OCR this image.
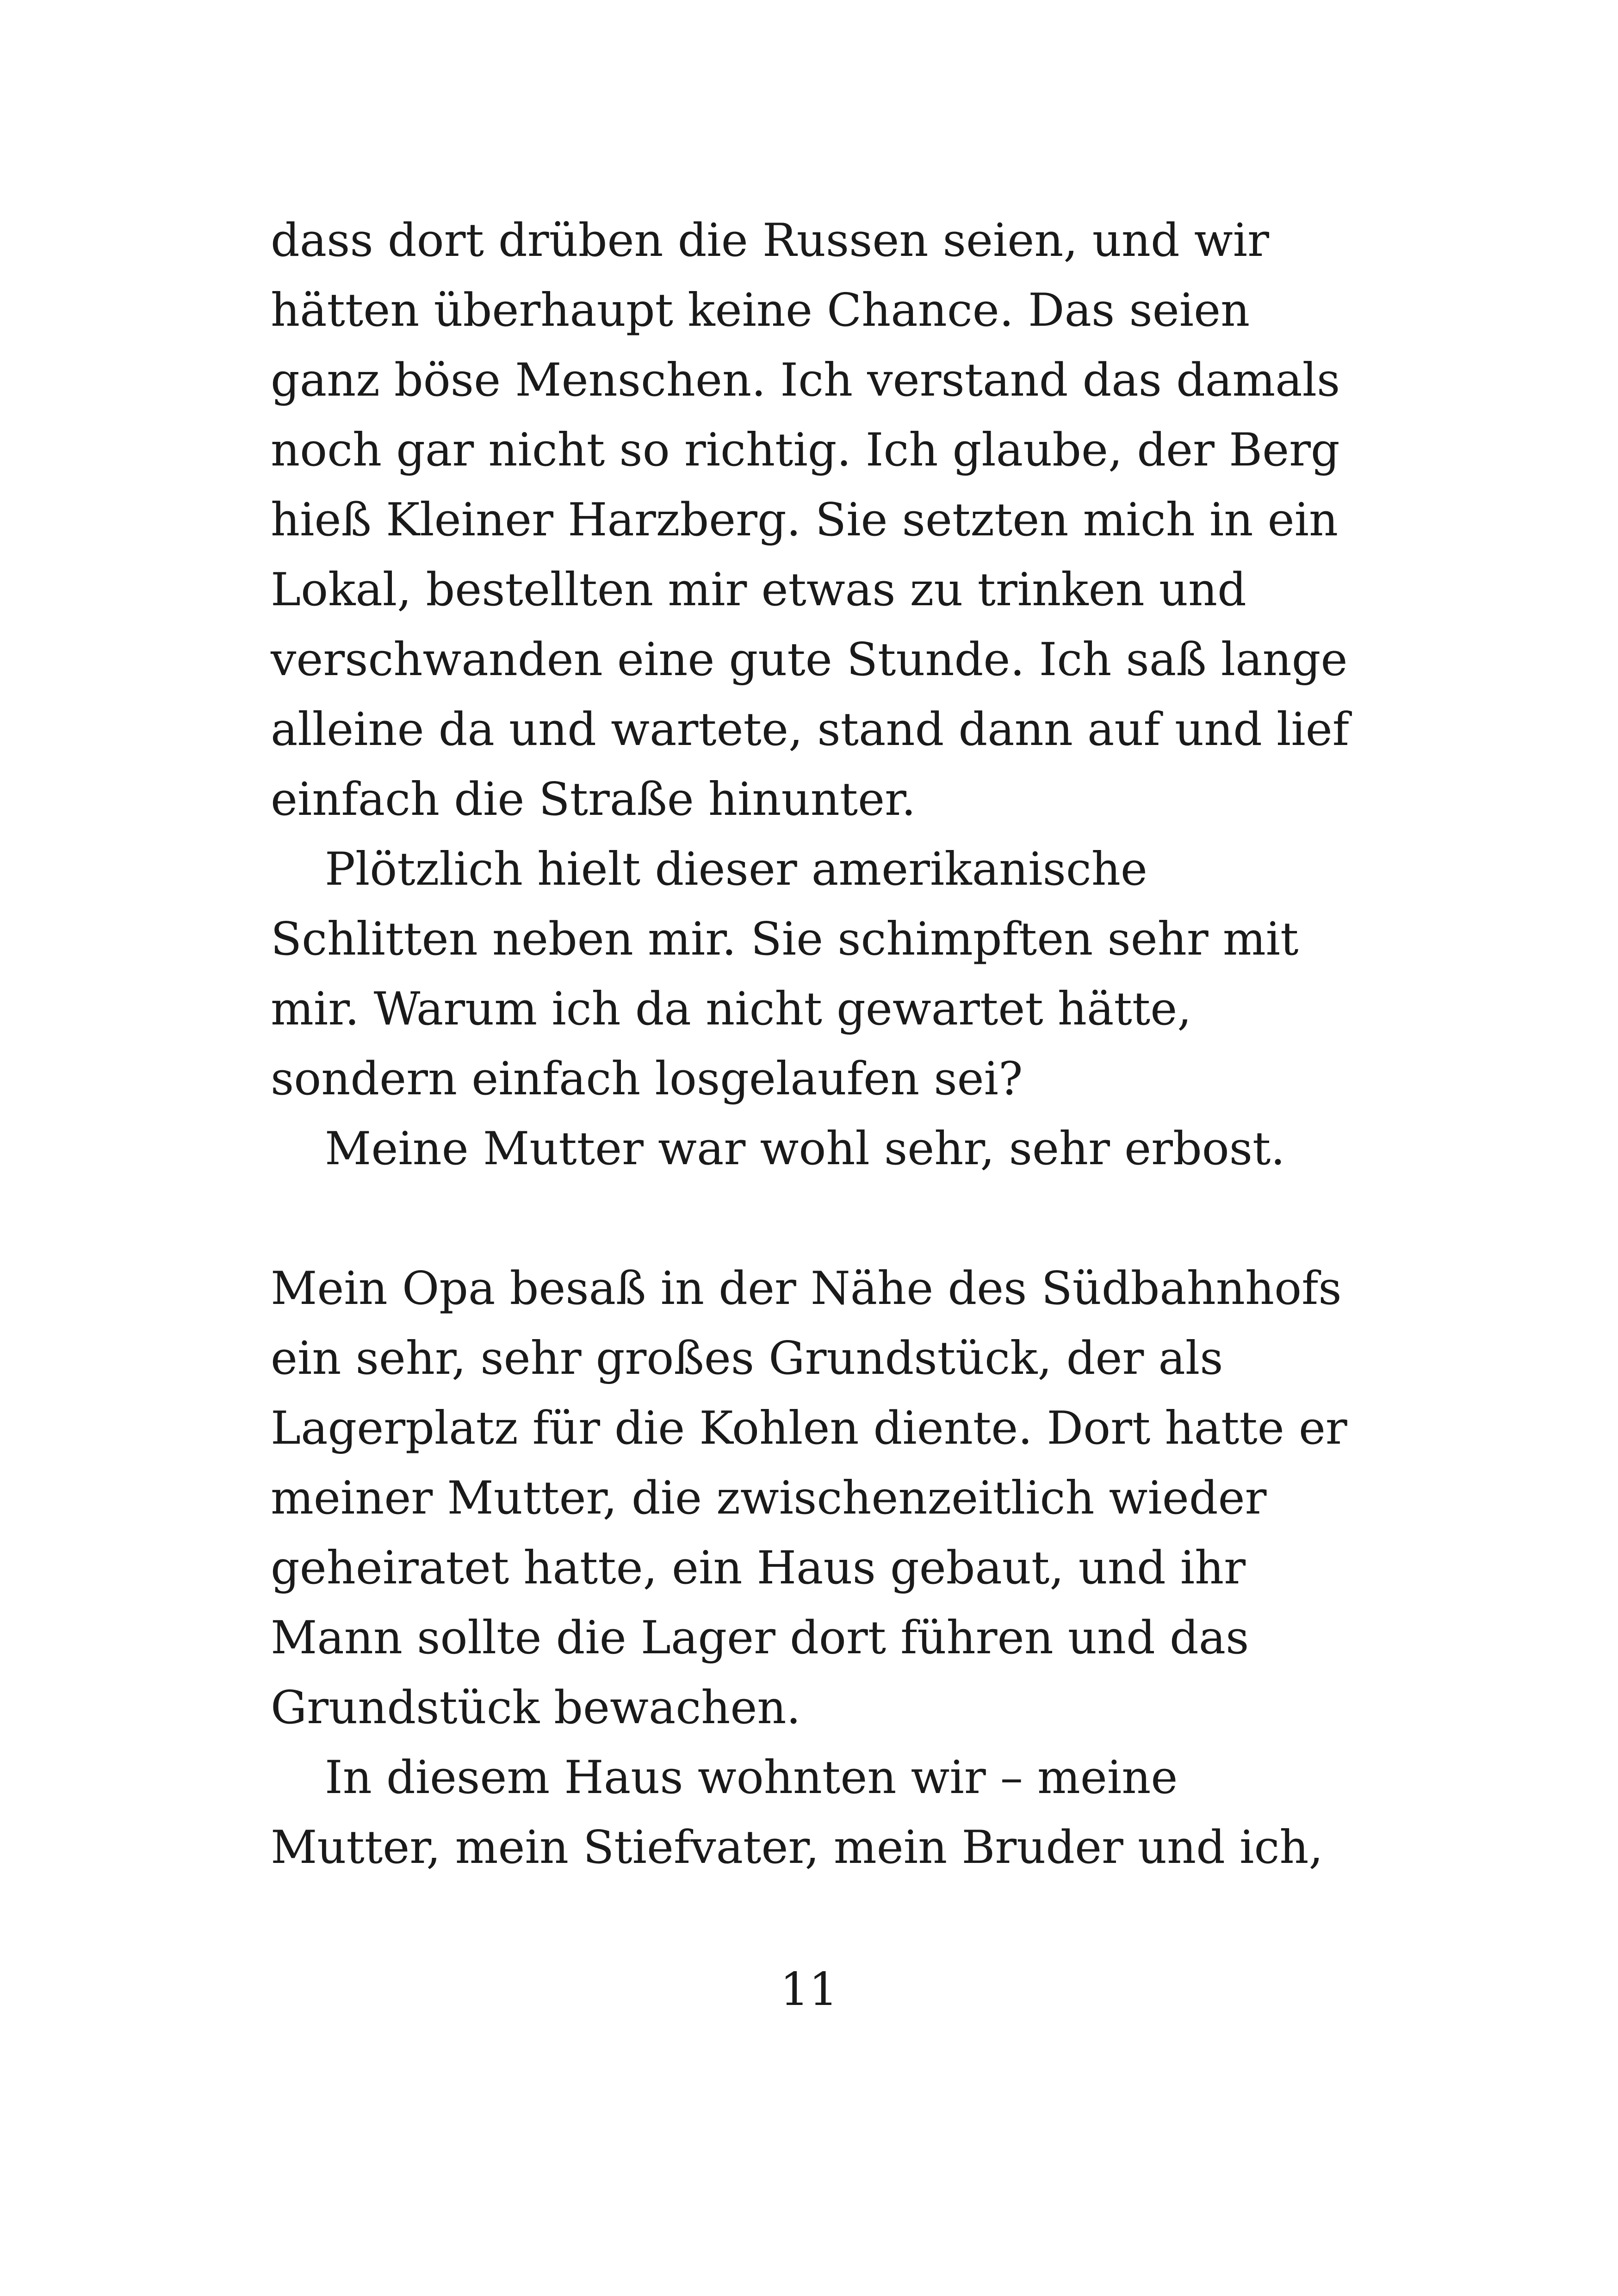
dass dort drüben die Russen seien, und wir
hätten überhaupt keine Chance. Das seien
ganz böse Menschen. Ich verstand das damals
noch gar nicht so richtig. Ich glaube, der Berg
hieß Kleiner Harzberg. Sie setzten mich in ein
Lokal, bestellten mir etwas zu trinken und
verschwanden eine gute Stunde. Ich saß lange
alleine da und wartete, stand dann auf und lief
einfach die Straße hinunter.
Plötzlich hielt dieser amerikanische
Schlitten neben mir. Sie schimpften sehr mit
mir. Warum ich da nicht gewartet hätte,
sondern einfach losgelaufen sei?
Meine Mutter war wohl sehr, sehr erbost.
Mein Opa besaß in der Nähe des Südbahnhofs
ein sehr, sehr großes Grundstück, der als
Lagerplatz für die Kohlen diente. Dort hatte er
meiner Mutter, die zwischenzeitlich wieder
geheiratet hatte, ein Haus gebaut, und ihr
Mann sollte die Lager dort führen und das
Grundstück bewachen.
In diesem Haus wohnten wir – meine
Mutter, mein Stiefvater, mein Bruder und ich,
11
